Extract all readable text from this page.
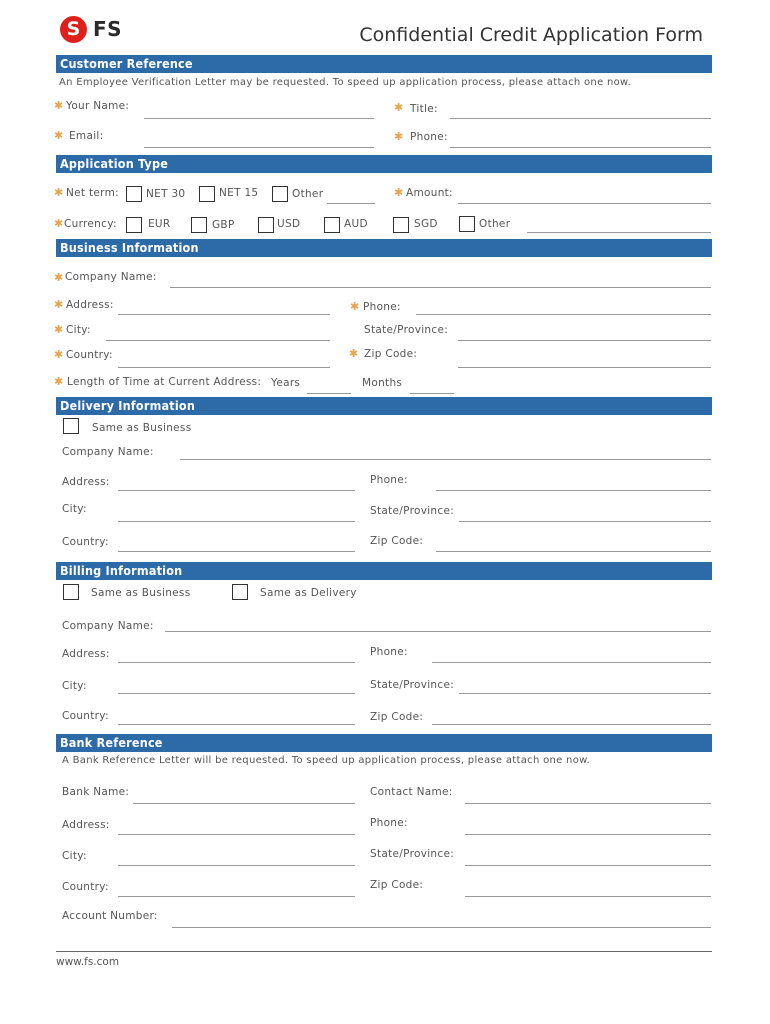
S FS	Confidential Credit Application Form
Customer Reference
An Employee Verification Letter may be requested. To speed up application process, please attach one now.
✱ Your Name:	✱ Title:
✱ Email:	✱ Phone:
Application Type
✱ Net term:	NET 30	NET 15	Other	✱ Amount:
✱ Currency:	EUR	GBP	USD	AUD	SGD	Other
Business Information
✱ Company Name:
✱ Address:	✱ Phone:
✱ City:	State/Province:
✱ Country:	✱ Zip Code:
✱ Length of Time at Current Address: Years	Months
Delivery Information
Same as Business
Company Name:
Address:	Phone:
City:	State/Province:
Country:	Zip Code:
Billing Information
Same as Business	Same as Delivery
Company Name:
Address:	Phone:
City:	State/Province:
Country:	Zip Code:
Bank Reference
A Bank Reference Letter will be requested. To speed up application process, please attach one now.
Bank Name:	Contact Name:
Address:	Phone:
City:	State/Province:
Country:	Zip Code:
Account Number:
www.fs.com
